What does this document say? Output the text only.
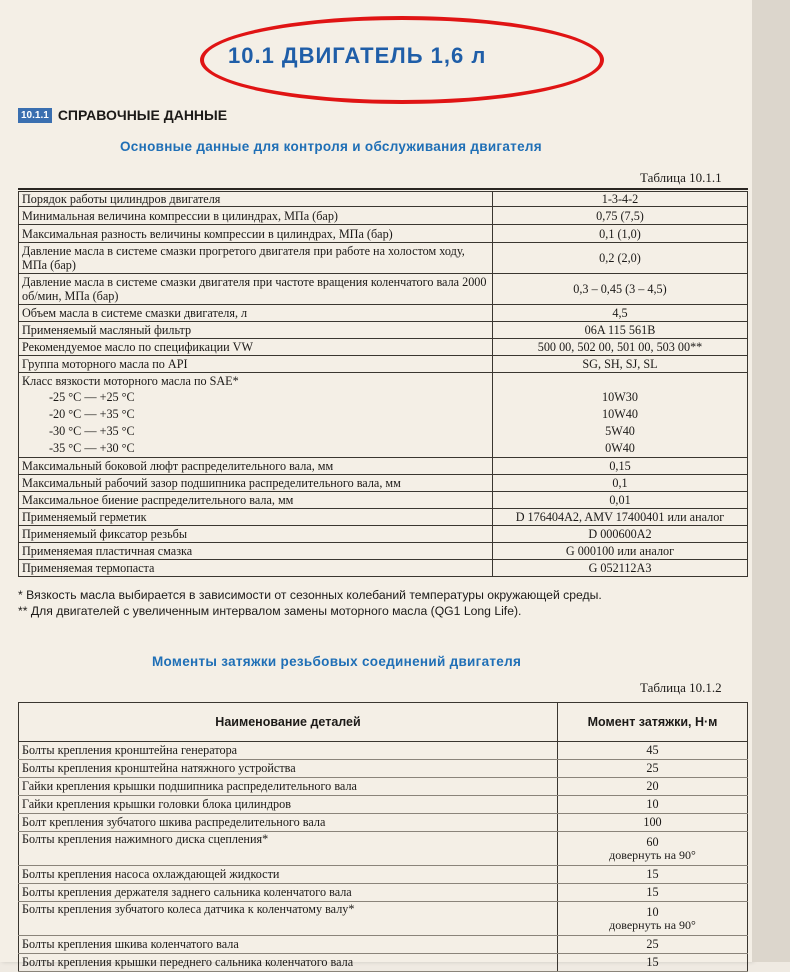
10.1 ДВИГАТЕЛЬ 1,6 л
10.1.1 СПРАВОЧНЫЕ ДАННЫЕ
Основные данные для контроля и обслуживания двигателя
Таблица 10.1.1
Порядок работы цилиндров двигателя	1-3-4-2
Минимальная величина компрессии в цилиндрах, МПа (бар)	0,75 (7,5)
Максимальная разность величины компрессии в цилиндрах, МПа (бар)	0,1 (1,0)
Давление масла в системе смазки прогретого двигателя при работе на холостом ходу, МПа (бар)	0,2 (2,0)
Давление масла в системе смазки двигателя при частоте вращения коленчатого вала 2000 об/мин, МПа (бар)	0,3 – 0,45 (3 – 4,5)
Объем масла в системе смазки двигателя, л	4,5
Применяемый масляный фильтр	06A 115 561B
Рекомендуемое масло по спецификации VW	500 00, 502 00, 501 00, 503 00**
Группа моторного масла по API	SG, SH, SJ, SL
Класс вязкости моторного масла по SAE*	
-25 °C — +25 °C	10W30
-20 °C — +35 °C	10W40
-30 °C — +35 °C	5W40
-35 °C — +30 °C	0W40
Максимальный боковой люфт распределительного вала, мм	0,15
Максимальный рабочий зазор подшипника распределительного вала, мм	0,1
Максимальное биение распределительного вала, мм	0,01
Применяемый герметик	D 176404A2, AMV 17400401 или аналог
Применяемый фиксатор резьбы	D 000600A2
Применяемая пластичная смазка	G 000100 или аналог
Применяемая термопаста	G 052112A3
* Вязкость масла выбирается в зависимости от сезонных колебаний температуры окружающей среды.
** Для двигателей с увеличенным интервалом замены моторного масла (QG1 Long Life).
Моменты затяжки резьбовых соединений двигателя
Таблица 10.1.2
Наименование деталей	Момент затяжки, Н·м
Болты крепления кронштейна генератора	45
Болты крепления кронштейна натяжного устройства	25
Гайки крепления крышки подшипника распределительного вала	20
Гайки крепления крышки головки блока цилиндров	10
Болт крепления зубчатого шкива распределительного вала	100
Болты крепления нажимного диска сцепления*	60
довернуть на 90°

Болты крепления насоса охлаждающей жидкости	15
Болты крепления держателя заднего сальника коленчатого вала	15
Болты крепления зубчатого колеса датчика к коленчатому валу*	10
довернуть на 90°

Болты крепления шкива коленчатого вала	25
Болты крепления крышки переднего сальника коленчатого вала	15
